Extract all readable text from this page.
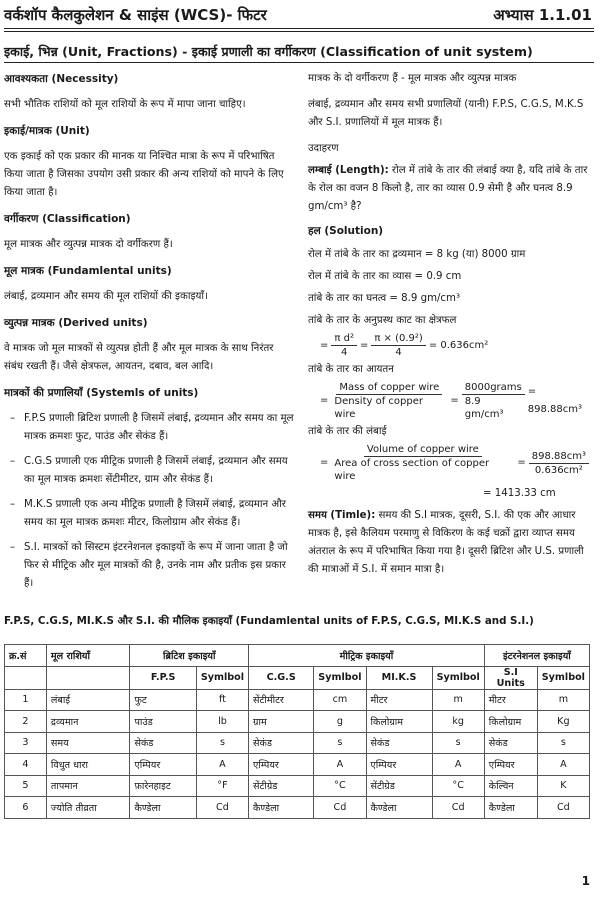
वर्कशॉप कैलकुलेशन & साइंस (WCS)- फिटर	अभ्यास 1.1.01
इकाई, भिन्न (Unit, Fractions) - इकाई प्रणाली का वर्गीकरण (Classification of unit system)

आवश्यकता (Necessity)

सभी भौतिक राशियों को मूल राशियों के रूप में मापा जाना चाहिए।

इकाई/मात्रक (Unit)

एक इकाई को एक प्रकार की मानक या निश्चित मात्रा के रूप में परिभाषित किया जाता है जिसका उपयोग उसी प्रकार की अन्य राशियों को मापने के लिए किया जाता है।

वर्गीकरण (Classification)

मूल मात्रक और व्युत्पन्न मात्रक दो वर्गीकरण हैं।

मूल मात्रक (Fundamlental units)

लंबाई, द्रव्यमान और समय की मूल राशियों की इकाइयाँ।

व्युत्पन्न मात्रक (Derived units)

वे मात्रक जो मूल मात्रकों से व्युत्पन्न होती हैं और मूल मात्रक के साथ निरंतर संबंध रखती हैं। जैसे क्षेत्रफल, आयतन, दबाव, बल आदि।

मात्रकों की प्रणालियाँ (Systemls of units)

– F.P.S प्रणाली ब्रिटिश प्रणाली है जिसमें लंबाई, द्रव्यमान और समय का मूल मात्रक क्रमशः फुट, पाउंड और सेकंड हैं।
– C.G.S प्रणाली एक मीट्रिक प्रणाली है जिसमें लंबाई, द्रव्यमान और समय का मूल मात्रक क्रमशः सेंटीमीटर, ग्राम और सेकंड हैं।
– M.K.S प्रणाली एक अन्य मीट्रिक प्रणाली है जिसमें लंबाई, द्रव्यमान और समय का मूल मात्रक क्रमशः मीटर, किलोग्राम और सेकंड हैं।
– S.I. मात्रकों को सिस्टम इंटरनेशनल इकाइयों के रूप में जाना जाता है जो फिर से मीट्रिक और मूल मात्रकों की है, उनके नाम और प्रतीक इस प्रकार हैं।

मात्रक के दो वर्गीकरण हैं - मूल मात्रक और व्युत्पन्न मात्रक

लंबाई, द्रव्यमान और समय सभी प्रणालियों (यानी) F.P.S, C.G.S, M.K.S और S.I. प्रणालियों में मूल मात्रक हैं।

उदाहरण

लम्बाई (Length): रोल में तांबे के तार की लंबाई क्या है, यदि तांबे के तार के रोल का वजन 8 किलो है, तार का व्यास 0.9 सेमी है और घनत्व 8.9 gm/cm³ है?

हल (Solution)

रोल में तांबे के तार का द्रव्यमान = 8 kg (या) 8000 ग्राम

रोल में तांबे के तार का व्यास = 0.9 cm

तांबे के तार का घनत्व = 8.9 gm/cm³

तांबे के तार के अनुप्रस्थ काट का क्षेत्रफल

= $\frac{\text{π d²}}{4} = \frac{\text{π × (0.9²)}}{4} = 0.636cm^2$

तांबे के तार का आयतन

= $\frac{\text{Mass of copper wire}}{\text{Density of copper wire}} = \frac{\text{8000grams}}{\text{8.9 gm/cm³}} = 898.88cm^3$

तांबे के तार की लंबाई

= $\frac{\text{Volume of copper wire}}{\text{Area of cross section of copper wire}} = \frac{\text{898.88cm³}}{\text{0.636cm²}}$

= 1413.33 cm

समय (Timle): समय की S.I मात्रक, दूसरी, S.I. की एक और आधार मात्रक है, इसे कैलियम परमाणु से विकिरण के कई चक्रों द्वारा व्याप्त समय अंतराल के रूप में परिभाषित किया गया है। दूसरी ब्रिटिश और U.S. प्रणाली की मात्राओं में S.I. में समान मात्रा है।

F.P.S, C.G.S, MI.K.S और S.I. की मौलिक इकाइयाँ (Fundamlental units of F.P.S, C.G.S, MI.K.S and S.I.)
क्र.सं	मूल राशियाँ	ब्रिटिश इकाइयाँ		मीट्रिक इकाइयाँ				इंटरनेशनल इकाइयाँ	
		F.P.S	Symlbol	C.G.S	Symlbol	MI.K.S	Symlbol	S.I Units	Symlbol
1	लंबाई	फुट	ft	सेंटीमीटर	cm	मीटर	m	मीटर	m
2	द्रव्यमान	पाउंड	lb	ग्राम	g	किलोग्राम	kg	किलोग्राम	Kg
3	समय	सेकंड	s	सेकंड	s	सेकंड	s	सेकंड	s
4	विधुत धारा	एम्पियर	A	एम्पियर	A	एम्पियर	A	एम्पियर	A
5	तापमान	फ़ारेनहाइट	°F	सेंटीग्रेड	°C	सेंटीग्रेड	°C	केल्विन	K
6	ज्योति तीव्रता	कैण्डेला	Cd	कैण्डेला	Cd	कैण्डेला	Cd	कैण्डेला	Cd
1
